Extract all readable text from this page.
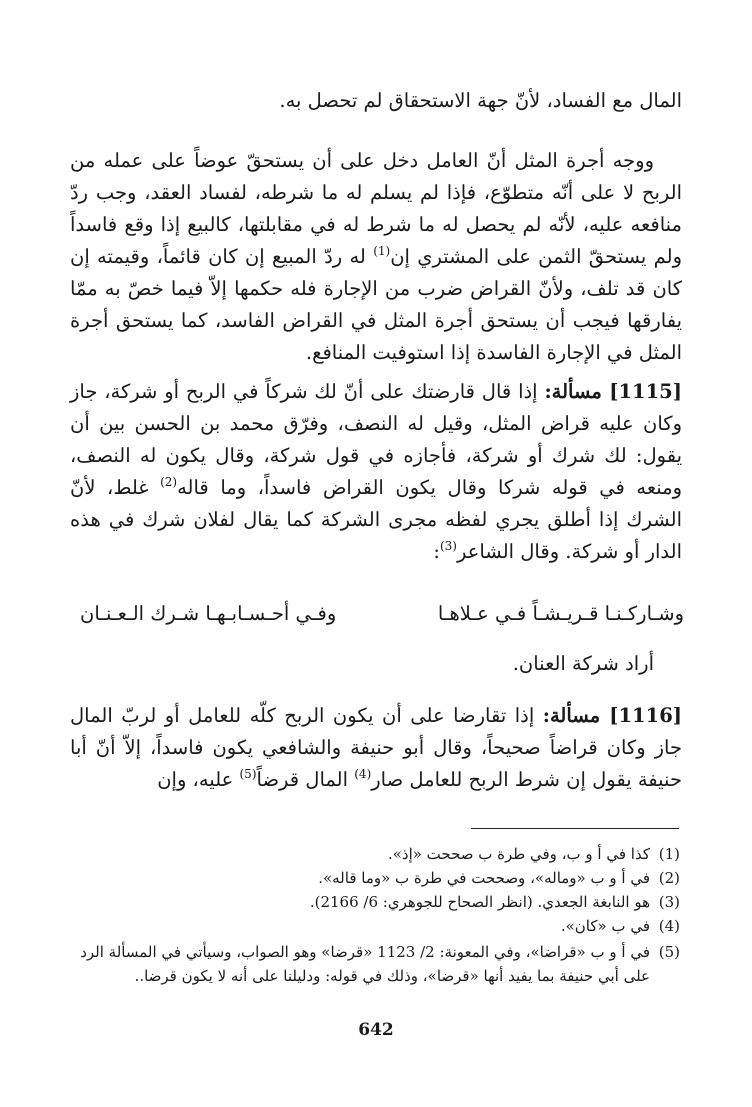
المال مع الفساد، لأنّ جهة الاستحقاق لم تحصل به.

ووجه أجرة المثل أنّ العامل دخل على أن يستحقّ عوضاً على عمله من الربح لا على أنّه متطوّع، فإذا لم يسلم له ما شرطه، لفساد العقد، وجب ردّ منافعه عليه، لأنّه لم يحصل له ما شرط له في مقابلتها، كالبيع إذا وقع فاسداً ولم يستحقّ الثمن على المشتري إن$^{(1)}$ له ردّ المبيع إن كان قائماً، وقيمته إن كان قد تلف، ولأنّ القراض ضرب من الإجارة فله حكمها إلاّ فيما خصّ به ممّا يفارقها فيجب أن يستحق أجرة المثل في القراض الفاسد، كما يستحق أجرة المثل في الإجارة الفاسدة إذا استوفيت المنافع.

[1115] مسألة: إذا قال قارضتك على أنّ لك شركاً في الربح أو شركة، جاز وكان عليه قراض المثل، وقيل له النصف، وفرّق محمد بن الحسن بين أن يقول: لك شرك أو شركة، فأجازه في قول شركة، وقال يكون له النصف، ومنعه في قوله شركا وقال يكون القراض فاسداً، وما قاله$^{(2)}$ غلط، لأنّ الشرك إذا أطلق يجري لفظه مجرى الشركة كما يقال لفلان شرك في هذه الدار أو شركة. وقال الشاعر$^{(3)}$:

وشـاركـنـا قـريـشـاً فـي عـلاهـا
وفـي أحـسـابـهـا شـرك الـعـنـان

أراد شركة العنان.

[1116] مسألة: إذا تقارضا على أن يكون الربح كلّه للعامل أو لربّ المال جاز وكان قراضاً صحيحاً، وقال أبو حنيفة والشافعي يكون فاسداً، إلاّ أنّ أبا حنيفة يقول إن شرط الربح للعامل صار$^{(4)}$ المال قرضاً$^{(5)}$ عليه، وإن

(1)كذا في أ و ب، وفي طرة ب صححت «إذ».
(2)في أ و ب «وماله»، وصححت في طرة ب «وما قاله».
(3)هو النابغة الجعدي. (انظر الصحاح للجوهري: 6/ 2166).
(4)في ب «كان».
(5)في أ و ب «قراضا»، وفي المعونة: 2/ 1123 «قرضا» وهو الصواب، وسيأتي في المسألة الرد
على أبي حنيفة بما يفيد أنها «قرضا»، وذلك في قوله: ودليلنا على أنه لا يكون قرضا..
642
